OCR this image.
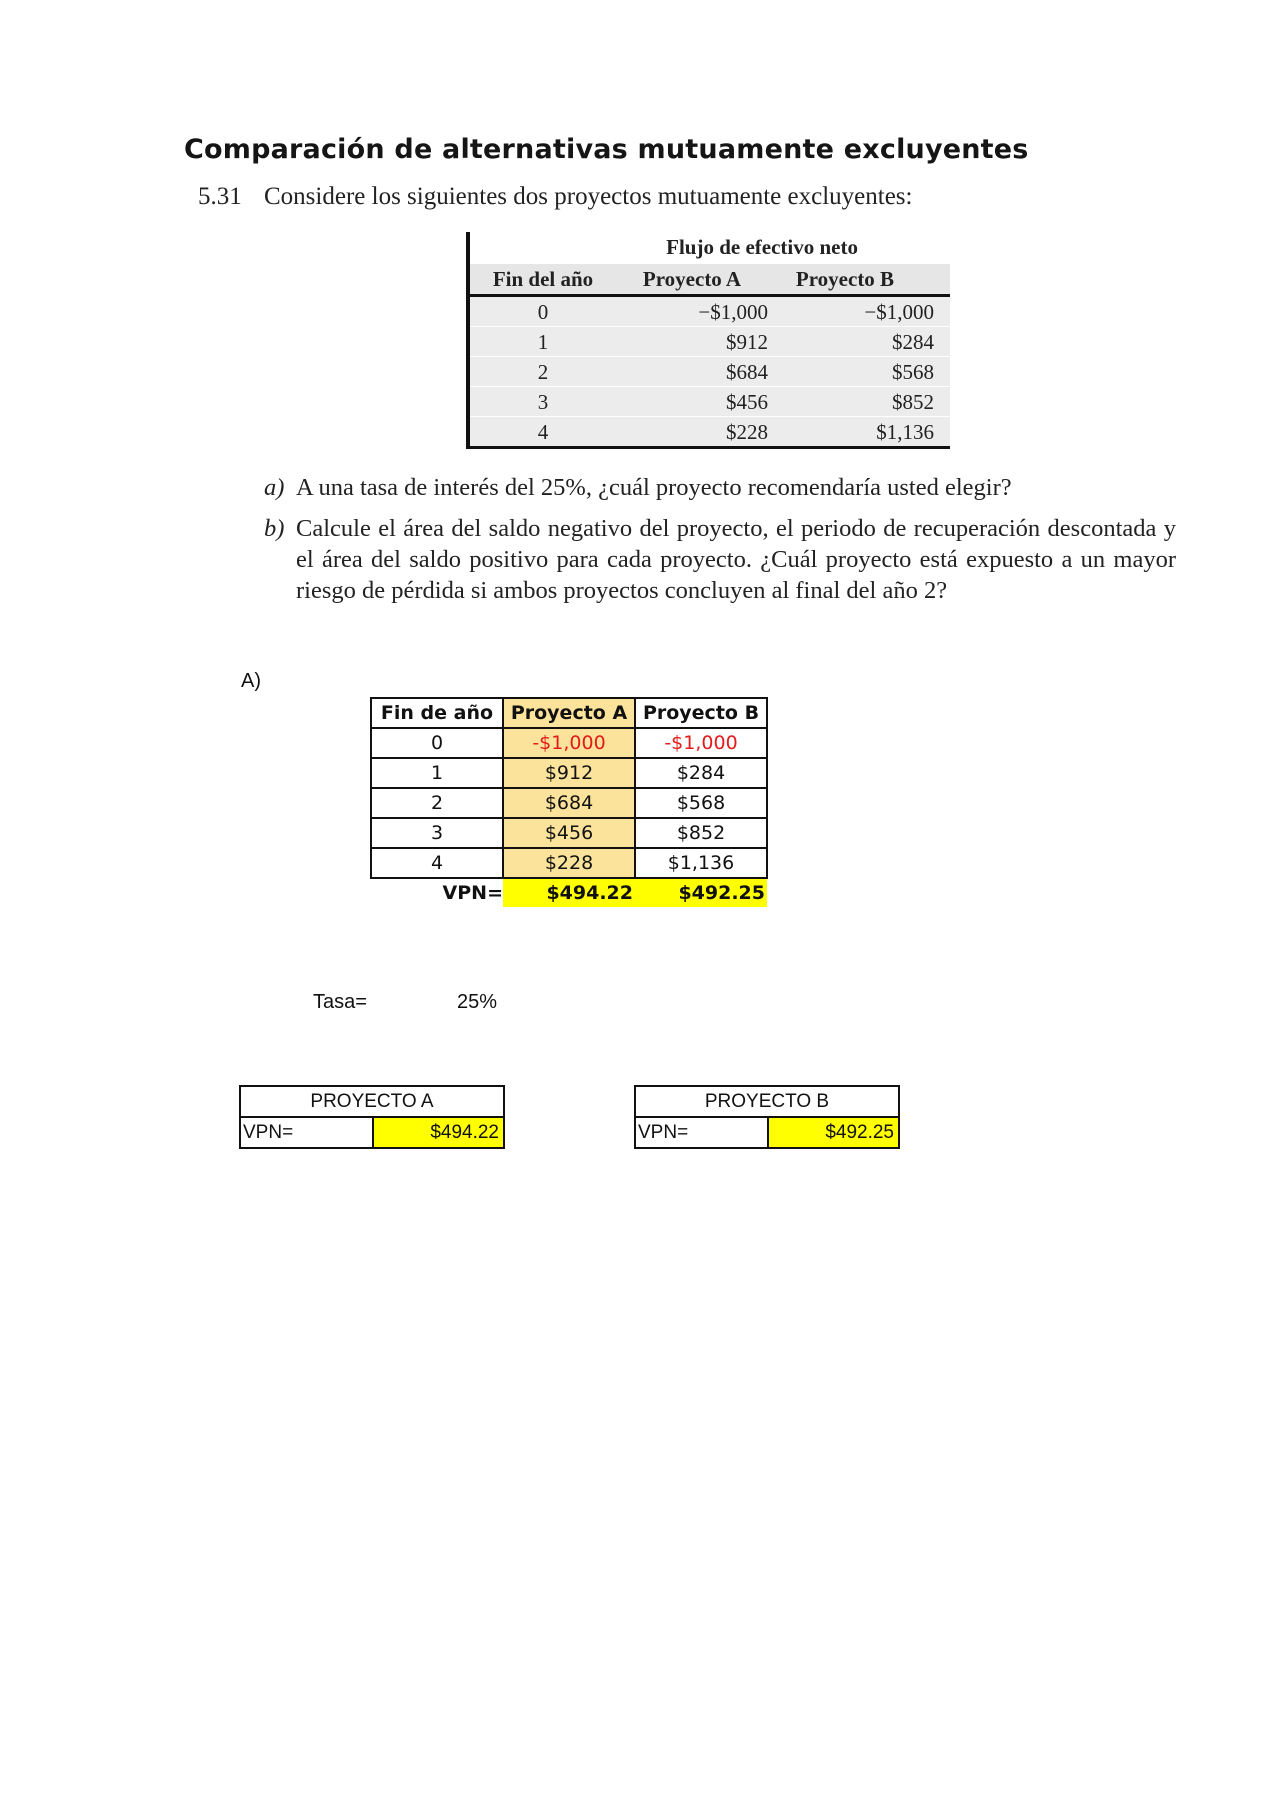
Comparación de alternativas mutuamente excluyentes
5.31 Considere los siguientes dos proyectos mutuamente excluyentes:
Flujo de efectivo neto
Fin del año	Proyecto A	Proyecto B
0	−$1,000	−$1,000
1	$912	$284
2	$684	$568
3	$456	$852
4	$228	$1,136
a) A una tasa de interés del 25%, ¿cuál proyecto recomendaría usted elegir?
b) Calcule el área del saldo negativo del proyecto, el periodo de recuperación descontada y el área del saldo positivo para cada proyecto. ¿Cuál proyecto está expuesto a un mayor riesgo de pérdida si ambos proyectos concluyen al final del año 2?
A)
Fin de año	Proyecto A	Proyecto B
0	-$1,000	-$1,000
1	$912	$284
2	$684	$568
3	$456	$852
4	$228	$1,136
VPN=	$494.22	$492.25
Tasa=	25%
PROYECTO A
VPN=	$494.22
PROYECTO B
VPN=	$492.25
